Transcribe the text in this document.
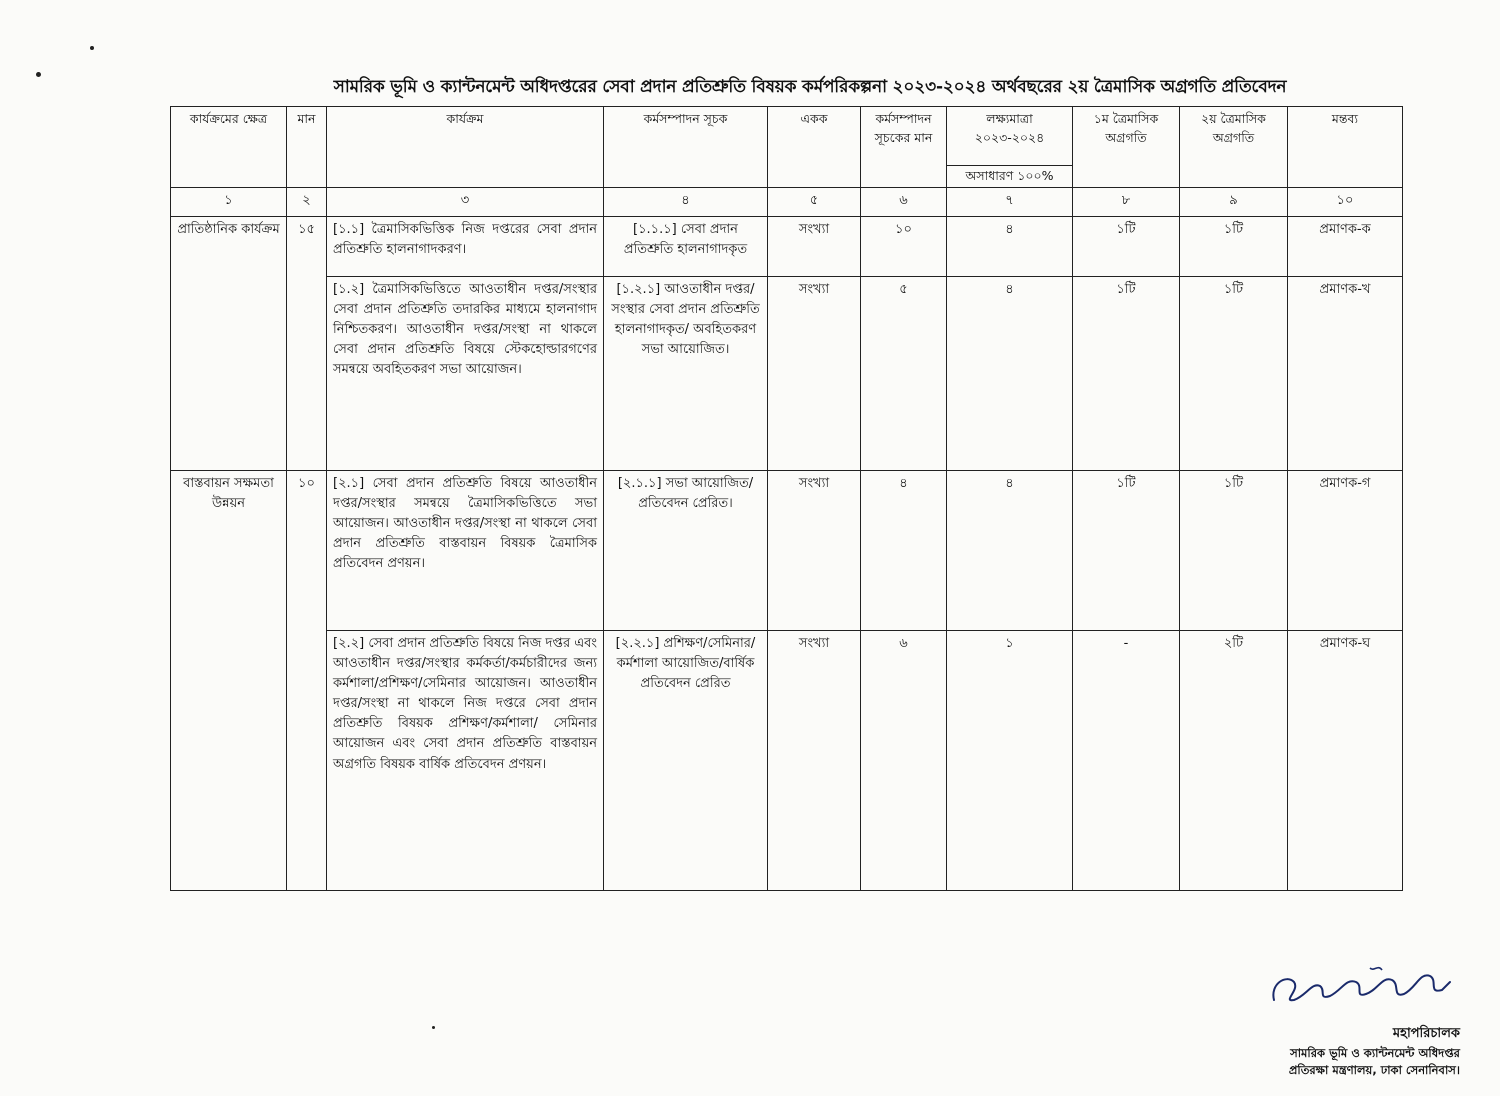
সামরিক ভূমি ও ক্যান্টনমেন্ট অধিদপ্তরের সেবা প্রদান প্রতিশ্রুতি বিষয়ক কর্মপরিকল্পনা ২০২৩-২০২৪ অর্থবছরের ২য় ত্রৈমাসিক অগ্রগতি প্রতিবেদন
কার্যক্রমের ক্ষেত্র	মান	কার্যক্রম	কর্মসম্পাদন সূচক	একক	কর্মসম্পাদন সূচকের মান	লক্ষ্যমাত্রা ২০২৩-২০২৪	১ম ত্রৈমাসিক অগ্রগতি	২য় ত্রৈমাসিক অগ্রগতি	মন্তব্য
						অসাধারণ ১০০%			
১	২	৩	৪	৫	৬	৭	৮	৯	১০
প্রাতিষ্ঠানিক কার্যক্রম	১৫	[১.১] ত্রৈমাসিকভিত্তিক নিজ দপ্তরের সেবা প্রদান প্রতিশ্রুতি হালনাগাদকরণ।	[১.১.১] সেবা প্রদান প্রতিশ্রুতি হালনাগাদকৃত	সংখ্যা	১০	৪	১টি	১টি	প্রমাণক-ক
		[১.২] ত্রৈমাসিকভিত্তিতে আওতাধীন দপ্তর/সংস্থার সেবা প্রদান প্রতিশ্রুতি তদারকির মাধ্যমে হালনাগাদ নিশ্চিতকরণ। আওতাধীন দপ্তর/সংস্থা না থাকলে সেবা প্রদান প্রতিশ্রুতি বিষয়ে স্টেকহোল্ডারগণের সমন্বয়ে অবহিতকরণ সভা আয়োজন।	[১.২.১] আওতাধীন দপ্তর/সংস্থার সেবা প্রদান প্রতিশ্রুতি হালনাগাদকৃত/ অবহিতকরণ সভা আয়োজিত।	সংখ্যা	৫	৪	১টি	১টি	প্রমাণক-খ
বাস্তবায়ন সক্ষমতা উন্নয়ন	১০	[২.১] সেবা প্রদান প্রতিশ্রুতি বিষয়ে আওতাধীন দপ্তর/সংস্থার সমন্বয়ে ত্রৈমাসিকভিত্তিতে সভা আয়োজন। আওতাধীন দপ্তর/সংস্থা না থাকলে সেবা প্রদান প্রতিশ্রুতি বাস্তবায়ন বিষয়ক ত্রৈমাসিক প্রতিবেদন প্রণয়ন।	[২.১.১] সভা আয়োজিত/প্রতিবেদন প্রেরিত।	সংখ্যা	৪	৪	১টি	১টি	প্রমাণক-গ
		[২.২] সেবা প্রদান প্রতিশ্রুতি বিষয়ে নিজ দপ্তর এবং আওতাধীন দপ্তর/সংস্থার কর্মকর্তা/কর্মচারীদের জন্য কর্মশালা/প্রশিক্ষণ/সেমিনার আয়োজন। আওতাধীন দপ্তর/সংস্থা না থাকলে নিজ দপ্তরে সেবা প্রদান প্রতিশ্রুতি বিষয়ক প্রশিক্ষণ/কর্মশালা/ সেমিনার আয়োজন এবং সেবা প্রদান প্রতিশ্রুতি বাস্তবায়ন অগ্রগতি বিষয়ক বার্ষিক প্রতিবেদন প্রণয়ন।	[২.২.১] প্রশিক্ষণ/সেমিনার/ কর্মশালা আয়োজিত/বার্ষিক প্রতিবেদন প্রেরিত	সংখ্যা	৬	১	-	২টি	প্রমাণক-ঘ
মহাপরিচালক
সামরিক ভূমি ও ক্যান্টনমেন্ট অধিদপ্তর
প্রতিরক্ষা মন্ত্রণালয়, ঢাকা সেনানিবাস।
